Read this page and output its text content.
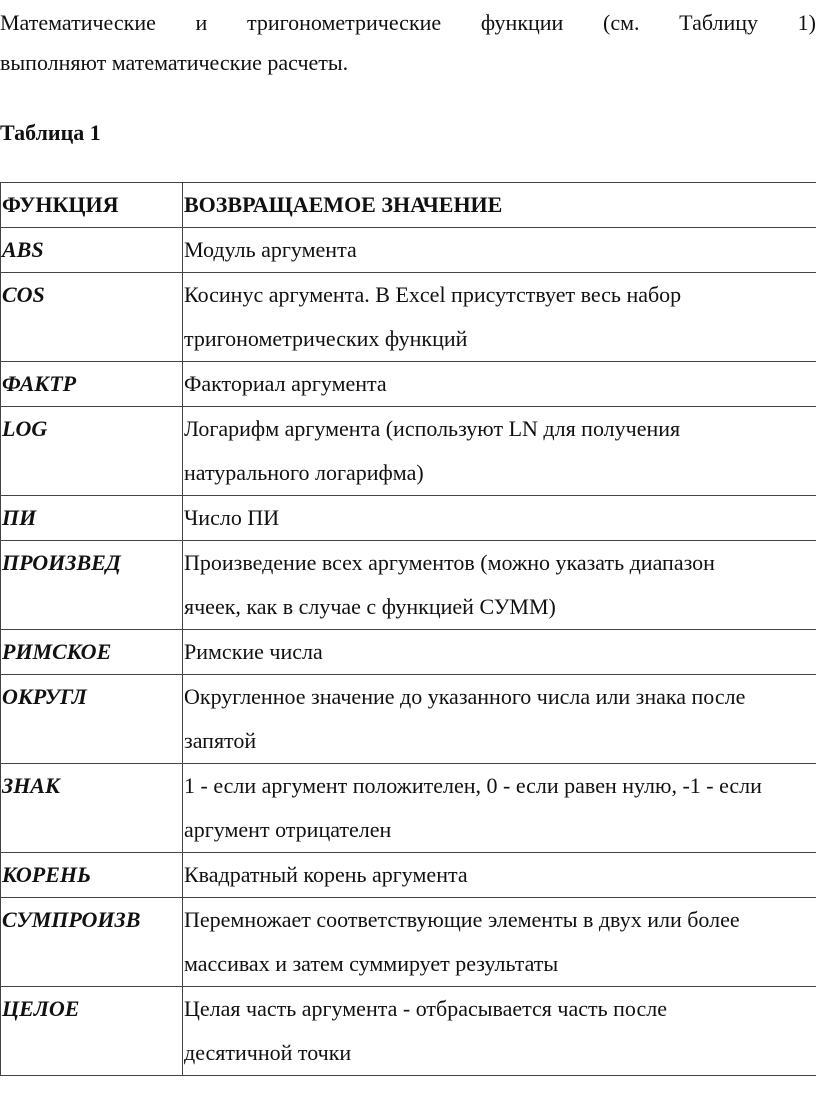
Математические и тригонометрические функции (см. Таблицу 1)

выполняют математические расчеты.

Таблица 1

ФУНКЦИЯ	ВОЗВРАЩАЕМОЕ ЗНАЧЕНИЕ
ABS	Модуль аргумента

COS	Косинус аргумента. В Excel присутствует весь набор
тригонометрических функций

ФАКТР	Факториал аргумента

LOG	Логарифм аргумента (используют LN для получения
натурального логарифма)

ПИ	Число ПИ

ПРОИЗВЕД	Произведение всех аргументов (можно указать диапазон
ячеек, как в случае с функцией СУММ)

РИМСКОЕ	Римские числа

ОКРУГЛ	Округленное значение до указанного числа или знака после
запятой

ЗНАК	1 - если аргумент положителен, 0 - если равен нулю, -1 - если
аргумент отрицателен

КОРЕНЬ	Квадратный корень аргумента

СУМПРОИЗВ	Перемножает соответствующие элементы в двух или более
массивах и затем суммирует результаты

ЦЕЛОЕ	Целая часть аргумента - отбрасывается часть после
десятичной точки
